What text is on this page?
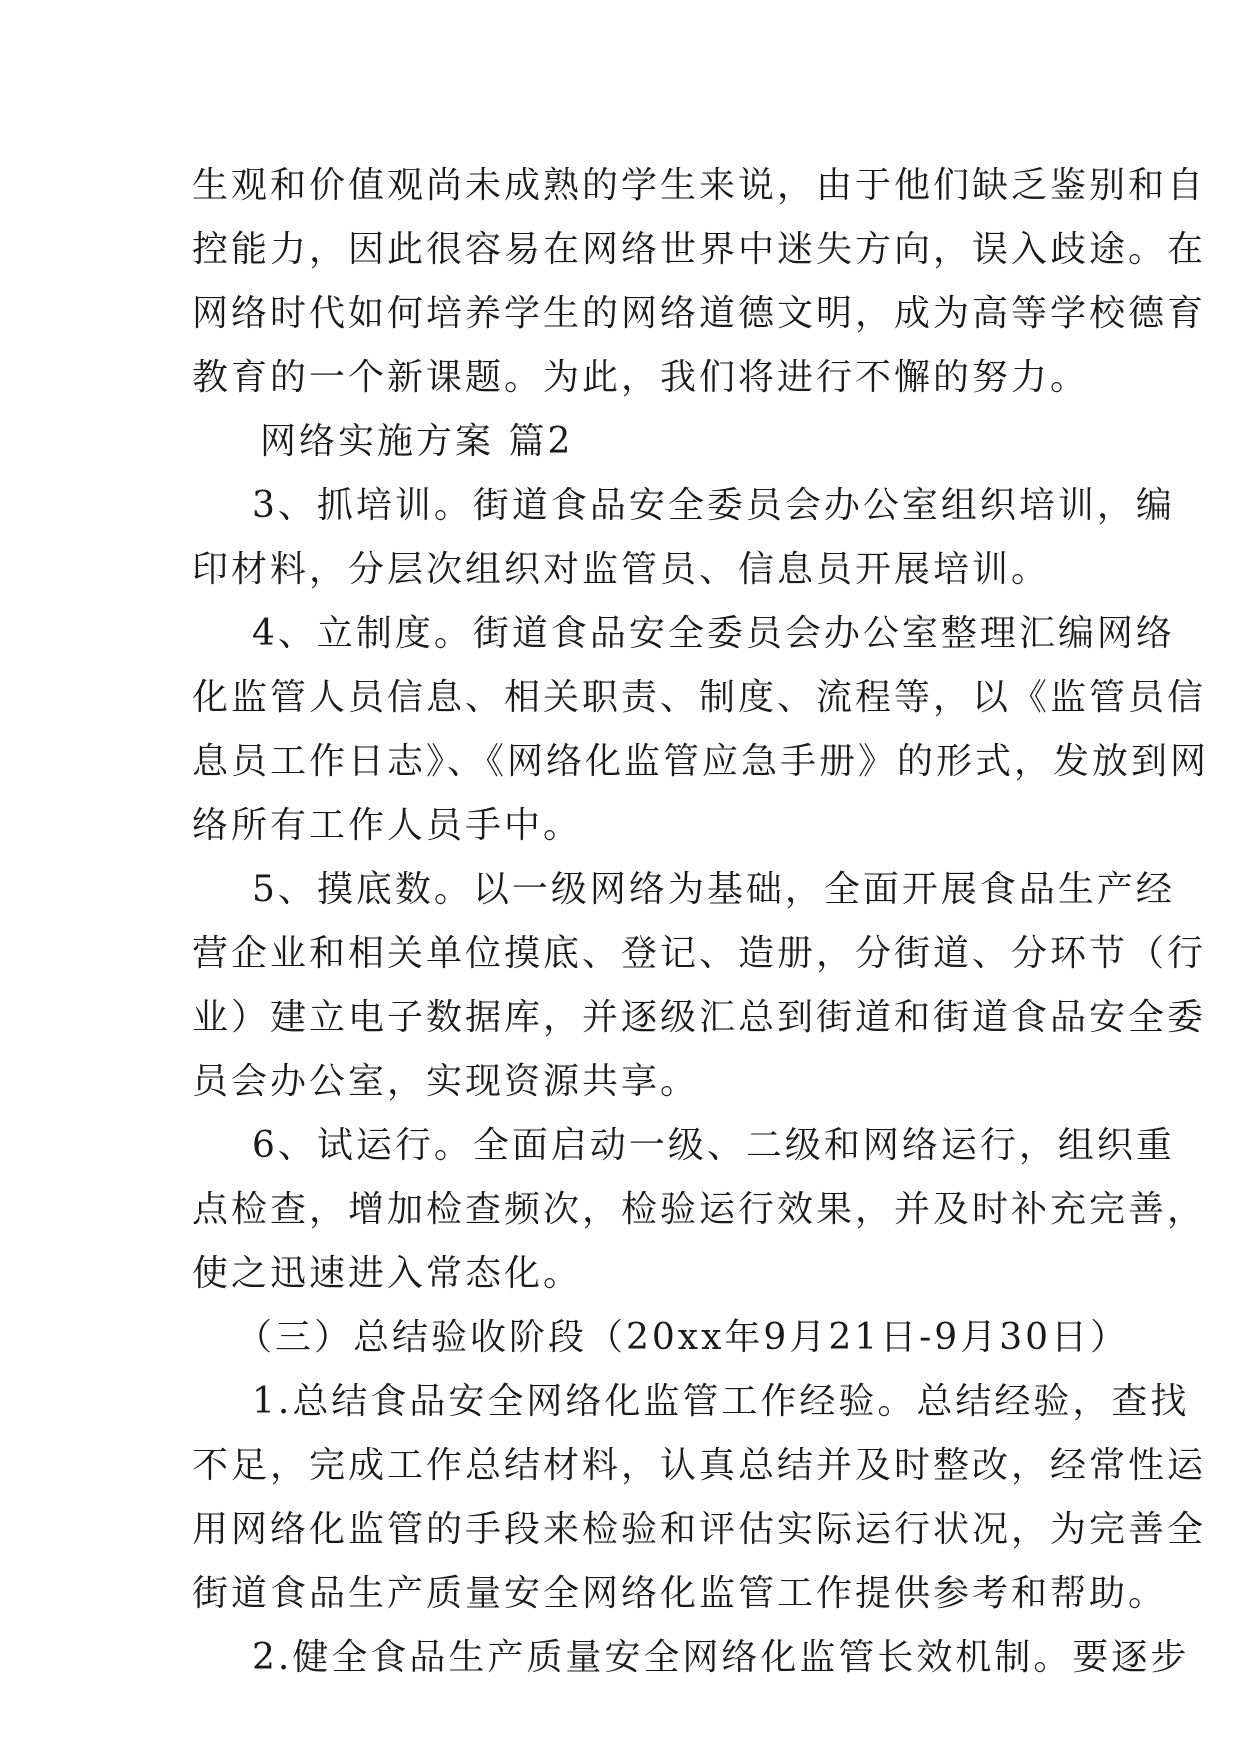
生观和价值观尚未成熟的学生来说，由于他们缺乏鉴别和自
控能力，因此很容易在网络世界中迷失方向，误入歧途。在
网络时代如何培养学生的网络道德文明，成为高等学校德育
教育的一个新课题。为此，我们将进行不懈的努力。
网络实施方案 篇2
3、抓培训。街道食品安全委员会办公室组织培训，编
印材料，分层次组织对监管员、信息员开展培训。
4、立制度。街道食品安全委员会办公室整理汇编网络
化监管人员信息、相关职责、制度、流程等，以《监管员信
息员工作日志》、《网络化监管应急手册》的形式，发放到网
络所有工作人员手中。
5、摸底数。以一级网络为基础，全面开展食品生产经
营企业和相关单位摸底、登记、造册，分街道、分环节（行
业）建立电子数据库，并逐级汇总到街道和街道食品安全委
员会办公室，实现资源共享。
6、试运行。全面启动一级、二级和网络运行，组织重
点检查，增加检查频次，检验运行效果，并及时补充完善，
使之迅速进入常态化。
（三）总结验收阶段（20xx年9月21日-9月30日）
1.总结食品安全网络化监管工作经验。总结经验，查找
不足，完成工作总结材料，认真总结并及时整改，经常性运
用网络化监管的手段来检验和评估实际运行状况，为完善全
街道食品生产质量安全网络化监管工作提供参考和帮助。
2.健全食品生产质量安全网络化监管长效机制。要逐步
